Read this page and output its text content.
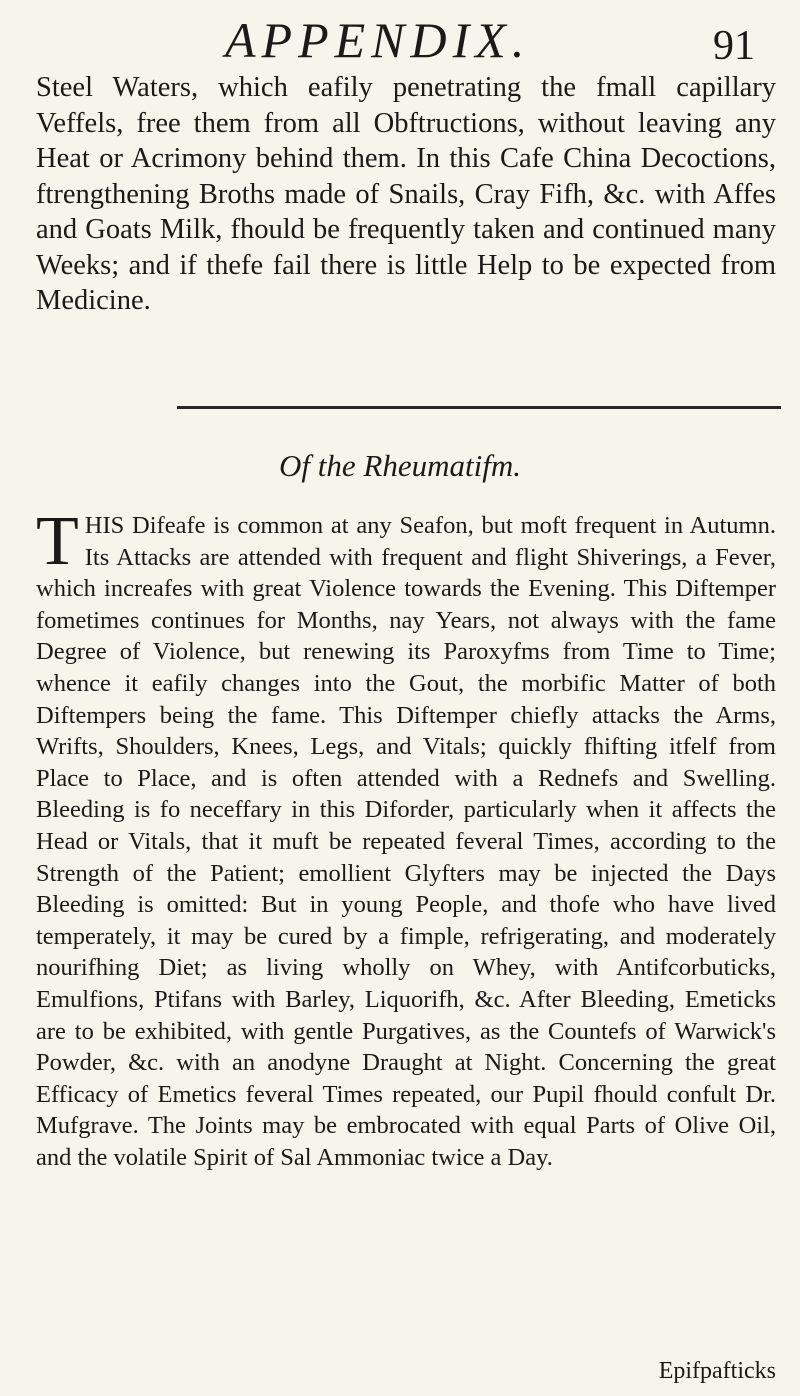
APPENDIX.	91

Steel Waters, which eafily penetrating the fmall capillary Veffels, free them from all Obftructions, without leaving any Heat or Acrimony behind them. In this Cafe China Decoctions, ftrengthening Broths made of Snails, Cray Fifh, &c. with Affes and Goats Milk, fhould be frequently taken and continued many Weeks; and if thefe fail there is little Help to be expected from Medicine.

Of the Rheumatifm.

THIS Difeafe is common at any Seafon, but moft frequent in Autumn. Its Attacks are attended with frequent and flight Shiverings, a Fever, which increafes with great Violence towards the Evening. This Diftemper fometimes continues for Months, nay Years, not always with the fame Degree of Violence, but renewing its Paroxyfms from Time to Time; whence it eafily changes into the Gout, the morbific Matter of both Diftempers being the fame. This Diftemper chiefly attacks the Arms, Wrifts, Shoulders, Knees, Legs, and Vitals; quickly fhifting itfelf from Place to Place, and is often attended with a Rednefs and Swelling. Bleeding is fo neceffary in this Diforder, particularly when it affects the Head or Vitals, that it muft be repeated feveral Times, according to the Strength of the Patient; emollient Glyfters may be injected the Days Bleeding is omitted: But in young People, and thofe who have lived temperately, it may be cured by a fimple, refrigerating, and moderately nourifhing Diet; as living wholly on Whey, with Antifcorbuticks, Emulfions, Ptifans with Barley, Liquorifh, &c. After Bleeding, Emeticks are to be exhibited, with gentle Purgatives, as the Countefs of Warwick's Powder, &c. with an anodyne Draught at Night. Concerning the great Efficacy of Emetics feveral Times repeated, our Pupil fhould confult Dr. Mufgrave. The Joints may be embrocated with equal Parts of Olive Oil, and the volatile Spirit of Sal Ammoniac twice a Day.

Epifpafticks
